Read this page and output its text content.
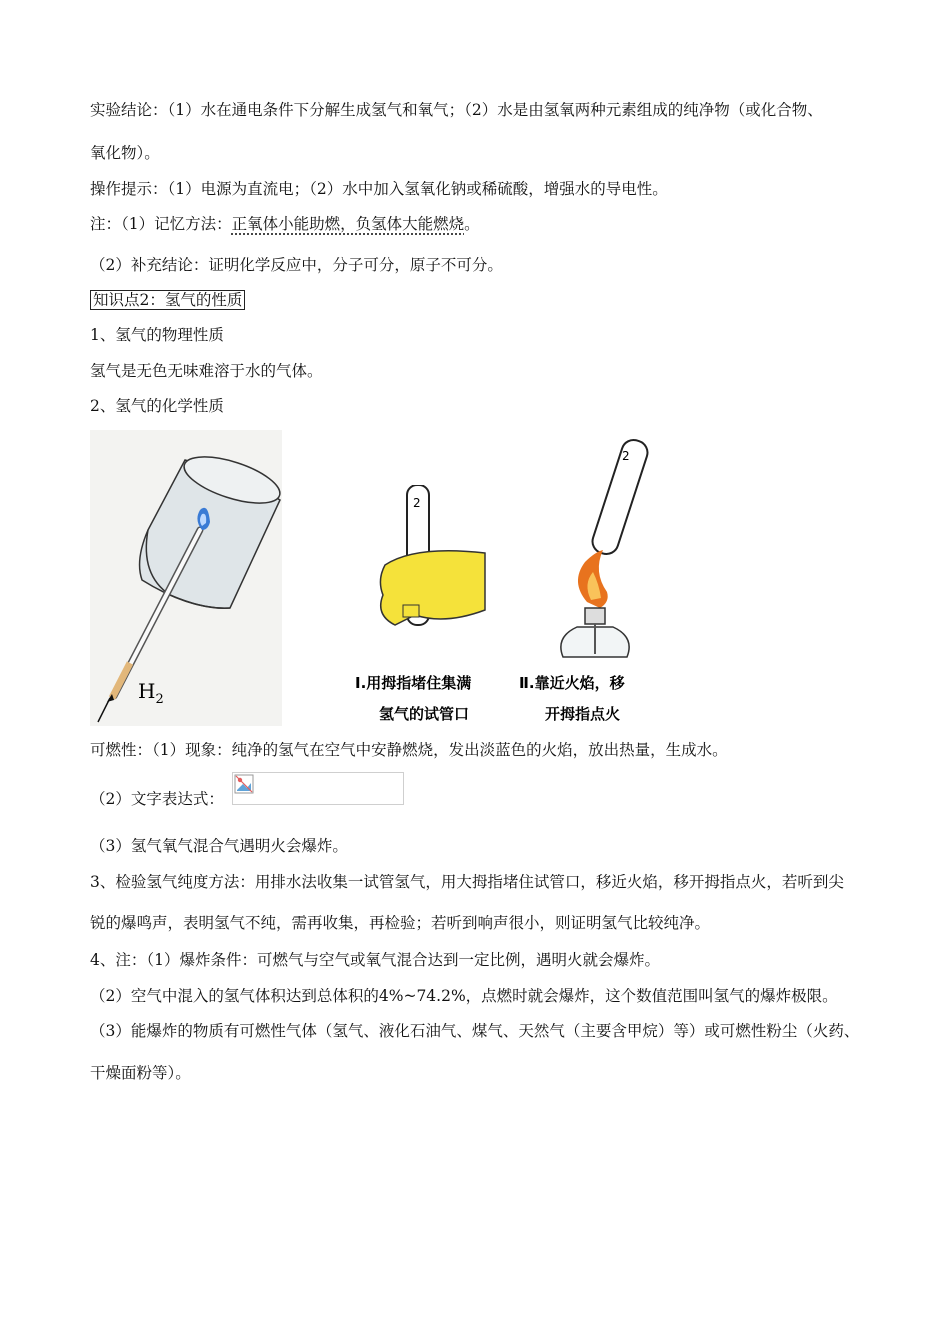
实验结论：（1）水在通电条件下分解生成氢气和氧气；（2）水是由氢氧两种元素组成的纯净物（或化合物、
氧化物）。
操作提示：（1）电源为直流电；（2）水中加入氢氧化钠或稀硫酸，增强水的导电性。
注：（1）记忆方法：正氧体小能助燃，负氢体大能燃烧。
（2）补充结论：证明化学反应中，分子可分，原子不可分。
知识点2：氢气的性质
1、氢气的物理性质
氢气是无色无味难溶于水的气体。
2、氢气的化学性质
$H_2$
2
Ⅰ.用拇指堵住集满
氢气的试管口
2
Ⅱ.靠近火焰，移
开拇指点火
可燃性：（1）现象：纯净的氢气在空气中安静燃烧，发出淡蓝色的火焰，放出热量，生成水。
（2）文字表达式：
（3）氢气氧气混合气遇明火会爆炸。
3、检验氢气纯度方法：用排水法收集一试管氢气，用大拇指堵住试管口，移近火焰，移开拇指点火，若听到尖
锐的爆鸣声，表明氢气不纯，需再收集，再检验；若听到响声很小，则证明氢气比较纯净。
4、注：（1）爆炸条件：可燃气与空气或氧气混合达到一定比例，遇明火就会爆炸。
（2）空气中混入的氢气体积达到总体积的4%~74.2%，点燃时就会爆炸，这个数值范围叫氢气的爆炸极限。
（3）能爆炸的物质有可燃性气体（氢气、液化石油气、煤气、天然气（主要含甲烷）等）或可燃性粉尘（火药、
干燥面粉等）。
